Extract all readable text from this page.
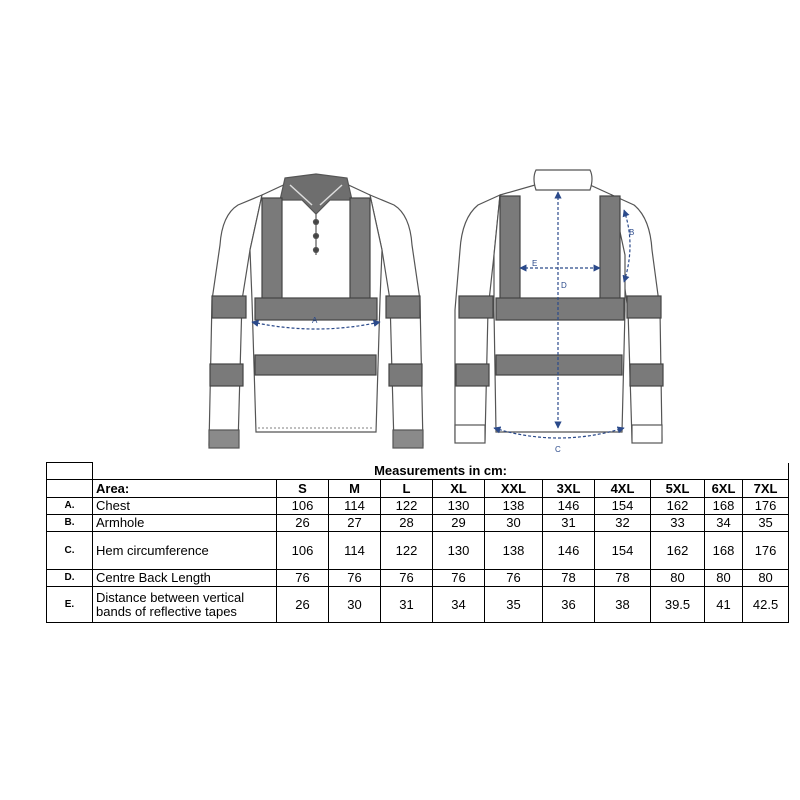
A
D
E
B
C
	Measurements in cm:										
	Area:	S	M	L	XL	XXL	3XL	4XL	5XL	6XL	7XL
A.	Chest	106	114	122	130	138	146	154	162	168	176
B.	Armhole	26	27	28	29	30	31	32	33	34	35
C.	Hem circumference	106	114	122	130	138	146	154	162	168	176
D.	Centre Back Length	76	76	76	76	76	78	78	80	80	80
E.	Distance between vertical
bands of reflective tapes	26	30	31	34	35	36	38	39.5	41	42.5
